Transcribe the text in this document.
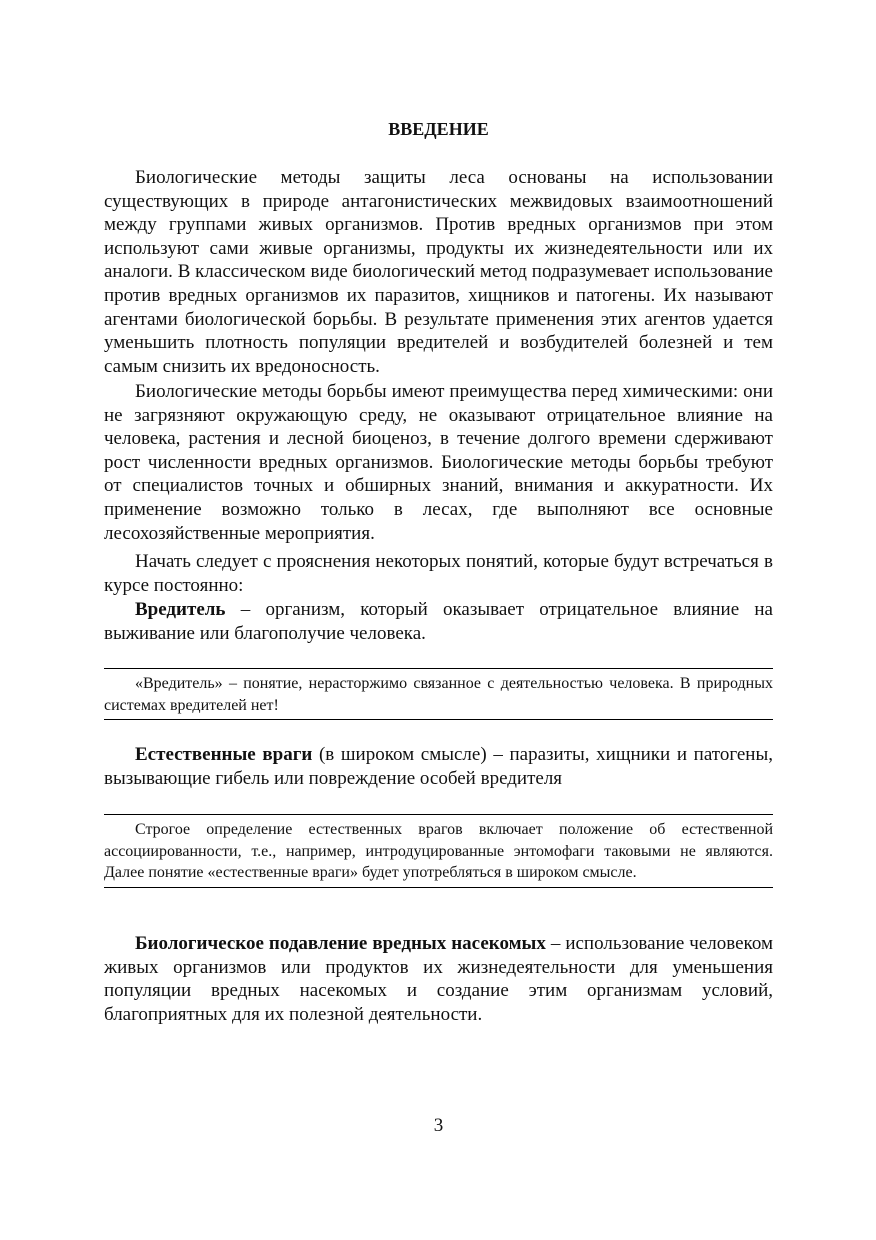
ВВЕДЕНИЕ

Биологические методы защиты леса основаны на использовании существующих в природе антагонистических межвидовых взаимоотношений между группами живых организмов. Против вредных организмов при этом используют сами живые организмы, продукты их жизнедеятельности или их аналоги. В классическом виде биологический метод подразумевает использование против вредных организмов их паразитов, хищников и патогены. Их называют агентами биологической борьбы. В результате применения этих агентов удается уменьшить плотность популяции вредителей и возбудителей болезней и тем самым снизить их вредоносность.

Биологические методы борьбы имеют преимущества перед химическими: они не загрязняют окружающую среду, не оказывают отрицательное влияние на человека, растения и лесной биоценоз, в течение долгого времени сдерживают рост численности вредных организмов. Биологические методы борьбы требуют от специалистов точных и обширных знаний, внимания и аккуратности. Их применение возможно только в лесах, где выполняют все основные лесохозяйственные мероприятия.

Начать следует с прояснения некоторых понятий, которые будут встречаться в курсе постоянно:

Вредитель – организм, который оказывает отрицательное влияние на выживание или благополучие человека.

«Вредитель» – понятие, нерасторжимо связанное с деятельностью человека. В природных системах вредителей нет!

Естественные враги (в широком смысле) – паразиты, хищники и патогены, вызывающие гибель или повреждение особей вредителя

Строгое определение естественных врагов включает положение об естественной ассоциированности, т.е., например, интродуцированные энтомофаги таковыми не являются. Далее понятие «естественные враги» будет употребляться в широком смысле.

Биологическое подавление вредных насекомых – использование человеком живых организмов или продуктов их жизнедеятельности для уменьшения популяции вредных насекомых и создание этим организмам условий, благоприятных для их полезной деятельности.

3
